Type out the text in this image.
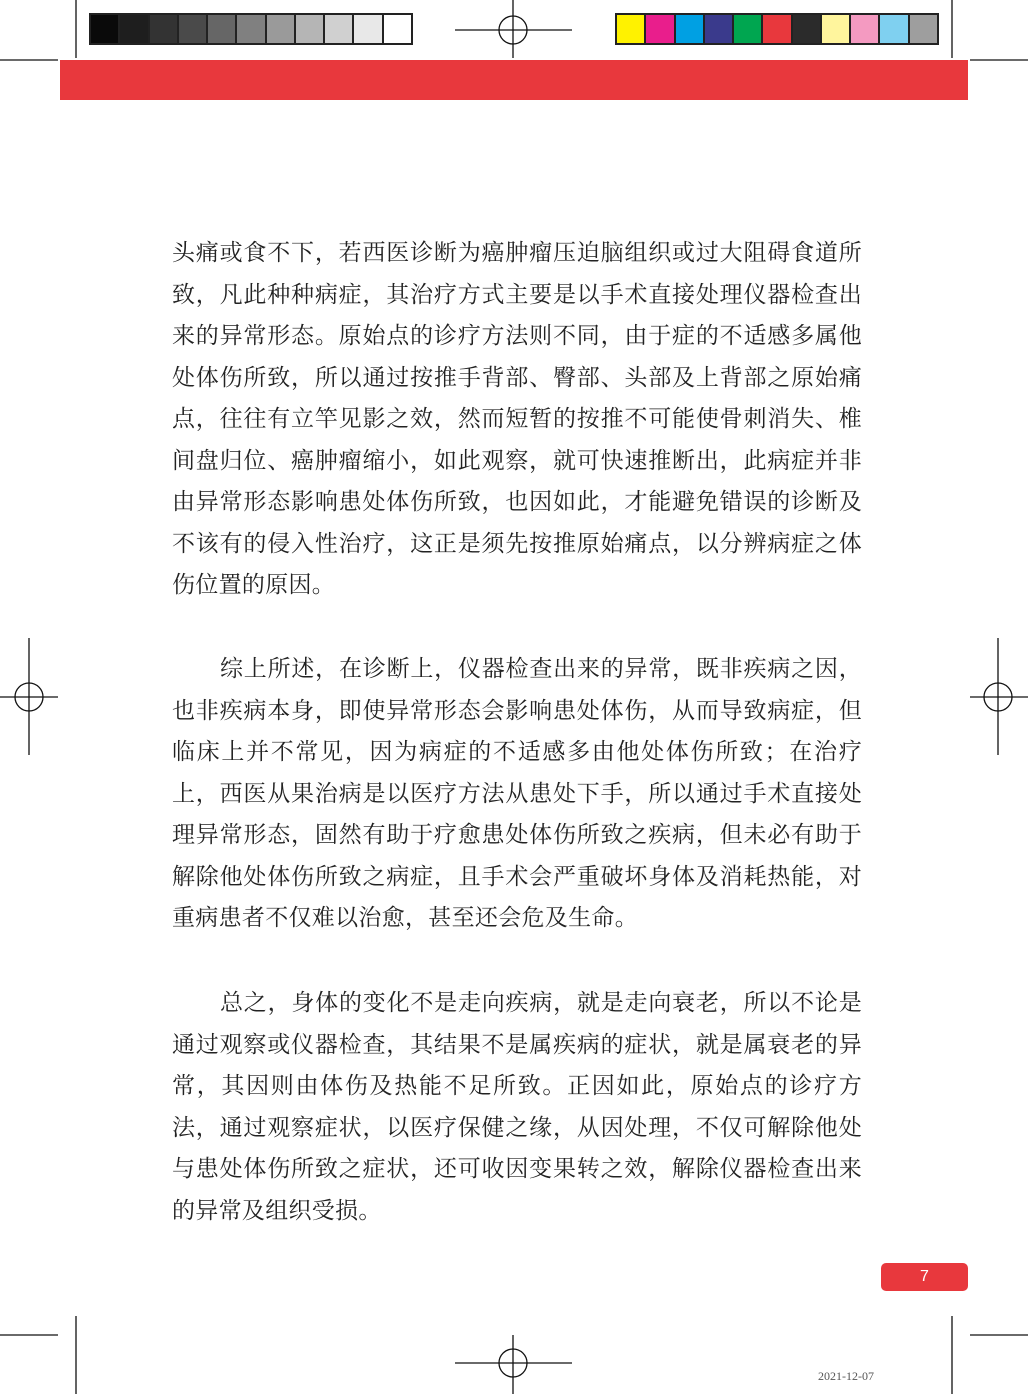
头痛或食不下，若西医诊断为癌肿瘤压迫脑组织或过大阻碍食道所致，凡此种种病症，其治疗方式主要是以手术直接处理仪器检查出来的异常形态。原始点的诊疗方法则不同，由于症的不适感多属他处体伤所致，所以通过按推手背部、臀部、头部及上背部之原始痛点，往往有立竿见影之效，然而短暂的按推不可能使骨刺消失、椎间盘归位、癌肿瘤缩小，如此观察，就可快速推断出，此病症并非由异常形态影响患处体伤所致，也因如此，才能避免错误的诊断及不该有的侵入性治疗，这正是须先按推原始痛点，以分辨病症之体伤位置的原因。

综上所述，在诊断上，仪器检查出来的异常，既非疾病之因，也非疾病本身，即使异常形态会影响患处体伤，从而导致病症，但临床上并不常见，因为病症的不适感多由他处体伤所致；在治疗上，西医从果治病是以医疗方法从患处下手，所以通过手术直接处理异常形态，固然有助于疗愈患处体伤所致之疾病，但未必有助于解除他处体伤所致之病症，且手术会严重破坏身体及消耗热能，对重病患者不仅难以治愈，甚至还会危及生命。

总之，身体的变化不是走向疾病，就是走向衰老，所以不论是通过观察或仪器检查，其结果不是属疾病的症状，就是属衰老的异常，其因则由体伤及热能不足所致。正因如此，原始点的诊疗方法，通过观察症状，以医疗保健之缘，从因处理，不仅可解除他处与患处体伤所致之症状，还可收因变果转之效，解除仪器检查出来的异常及组织受损。

7
2021-12-07
